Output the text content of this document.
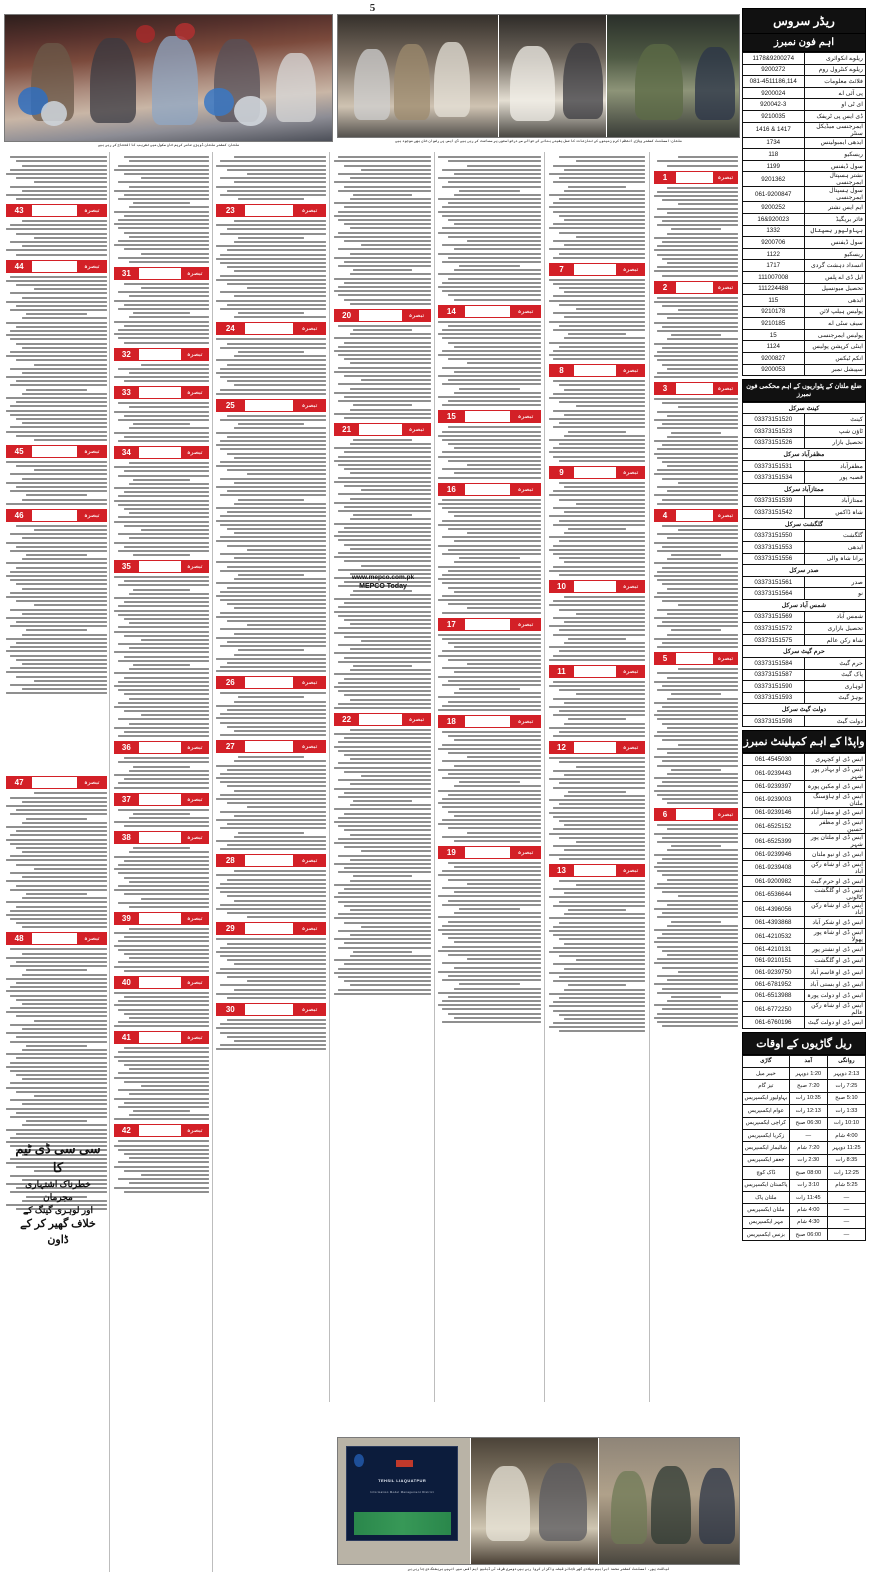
5
ملتان: کمشنر ملتان ڈویژن عامر کریم خان سکول میں تقریب کا افتتاح کر رہے ہیں
ملتان: اسسٹنٹ کمشنر وہاڑی انتظم اکرم زمینوں کے تنازعات کا عمل یقینی بنانے کے حوالے سے درخواستوں پر سماعت کر رہی ہیں ڈی ایس پی رضوان خان بھی موجود ہیں
43	تبصرہ
44	تبصرہ
45	تبصرہ
46	تبصرہ
47	تبصرہ
48	تبصرہ
31	تبصرہ
32	تبصرہ
33	تبصرہ
34	تبصرہ
35	تبصرہ
36	تبصرہ
37	تبصرہ
38	تبصرہ
39	تبصرہ
40	تبصرہ
41	تبصرہ
42	تبصرہ
23	تبصرہ
24	تبصرہ
25	تبصرہ
26	تبصرہ
27	تبصرہ
28	تبصرہ
29	تبصرہ
30	تبصرہ
20	تبصرہ
21	تبصرہ
22	تبصرہ
14	تبصرہ
15	تبصرہ
16	تبصرہ
17	تبصرہ
18	تبصرہ
19	تبصرہ
7	تبصرہ
8	تبصرہ
9	تبصرہ
10	تبصرہ
11	تبصرہ
12	تبصرہ
13	تبصرہ
1	تبصرہ
2	تبصرہ
3	تبصرہ
4	تبصرہ
5	تبصرہ
6	تبصرہ
سی سی ڈی ٹیم کا
خطرناک اشتہاری مجرمان
اور لوہری گینگ کے
خلاف گھیر کر کے ڈاون
www.mepco.com.pk
MEPCO Today
TEHSIL LIAQUATPUR
Information Model Management District
لیاقت پور، اسسٹنٹ کمشنر محمد ابراہیم میلادی گھر ناجائز قبضہ واگزار کروا رہے ہیں دوسری طرف ٹی ڈبلیو ایم آفس میں انہیں بریفنگ دی جا رہی ہے
ریڈر سروس
اہم فون نمبرز
1178&9200274	ریلوے انکوائری
9200272	ریلوے کنٹرول روم
081-4511186,114	فلائٹ معلومات
9200024	پی آئی اے
920042-3	ای ٹی او
9210035	ڈی ایس پی ٹریفک
1416 & 1417	ایمرجنسی میڈیکل سنٹر
1734	ایدھی ایمبولینس
118	ریسکیو
1199	سول ڈیفنس
9201362	نشتر ہسپتال ایمرجنسی
061-9200847	سول ہسپتال ایمرجنسی
9200252	ایم ایس نشتر
16&920023	فائر بریگیڈ
1332	بہاولپور ہسپتال
9200706	سول ڈیفنس
1122	ریسکیو
1717	انسداد دہشت گردی
111007008	ایل ڈی اے پلس
111224488	تحصیل میونسپل
115	ایدھی
9210178	پولیس ہیلپ لائن
9210185	سیف سٹی اے
15	پولیس ایمرجنسی
1124	اینٹی کرپشن پولیس
9200827	انکم ٹیکس
9200053	سپیشل نمبر
ضلع ملتان کے پٹواریوں کے اہم محکمی فون نمبرز
کینٹ سرکل	
03373151520	کینٹ
03373151523	ٹاؤن شپ
03373151526	تحصیل بازار
مظفرآباد سرکل	
03373151531	مظفرآباد
03373151534	قصبہ پور
ممتازآباد سرکل	
03373151539	ممتازآباد
03373151542	شاہ ڈاکس
گلگشت سرکل	
03373151550	گلگشت
03373151553	ایدھی
03373151556	پرانا شاہ والی
صدر سرکل	
03373151561	صدر
03373151564	نو
شمس آباد سرکل	
03373151569	شمس آباد
03373151572	تحصیل بازاری
03373151575	شاہ رکن عالم
حرم گیٹ سرکل	
03373151584	حرم گیٹ
03373151587	پاک گیٹ
03373151590	لوہاری
03373151593	بوہڑ گیٹ
دولت گیٹ سرکل	
03373151598	دولت گیٹ
واپڈا کے اہم کمپلینٹ نمبرز
061-4545030	ایس ڈی او کچہری
061-9239443	ایس ڈی او بہادر پور شہر
061-9239397	ایس ڈی او مکین پورہ
061-9239003	ایس ڈی او ہاؤسنگ ملتان
061-9239146	ایس ڈی او ممتاز آباد
061-6525152	ایس ڈی او مظفر حسین
061-6525399	ایس ڈی او ملتان پور شہر
061-9239946	ایس ڈی او نیو ملتان
061-9239408	ایس ڈی او شاہ رکن آباد
061-9200982	ایس ڈی او حرم گیٹ
061-6536644	ایس ڈی او گلگشت کالونی
061-4396056	ایس ڈی او شاہ رکن آباد
061-4393868	ایس ڈی او شکر آباد
061-4210532	ایس ڈی او شاہ پور پھولا
061-4210131	ایس ڈی او نشتر پور
061-9210151	ایس ڈی او گلگشت
061-9239750	ایس ڈی او قاسم آباد
061-6781952	ایس ڈی او بستی آباد
061-6513988	ایس ڈی او دولت پورہ
061-6772250	ایس ڈی او شاہ رکن عالم
061-6760196	ایس ڈی او دولت گیٹ
ریل گاڑیوں کے اوقات
گاڑی	آمد	روانگی
خیبر میل	1:20 دوپہر	2:13 دوپہر
تیز گام	7:20 صبح	7:25 رات
بہاولپور ایکسپریس	10:35 رات	5:10 صبح
عوام ایکسپریس	12:13 رات	1:33 رات
کراچی ایکسپریس	06:30 صبح	10:10 رات
زکریا ایکسپریس	—	4:00 شام
شالیمار ایکسپریس	7:20 شام	11:25 دوپہر
جعفر ایکسپریس	2:30 رات	8:35 رات
ڈاک کوچ	08:00 صبح	12:25 رات
پاکستان ایکسپریس	3:10 رات	5:25 شام
ملتان پاک	11:45 رات	—
ملتان ایکسپریس	4:00 شام	—
مہر ایکسپریس	4:30 شام	—
بزنس ایکسپریس	06:00 صبح	—
